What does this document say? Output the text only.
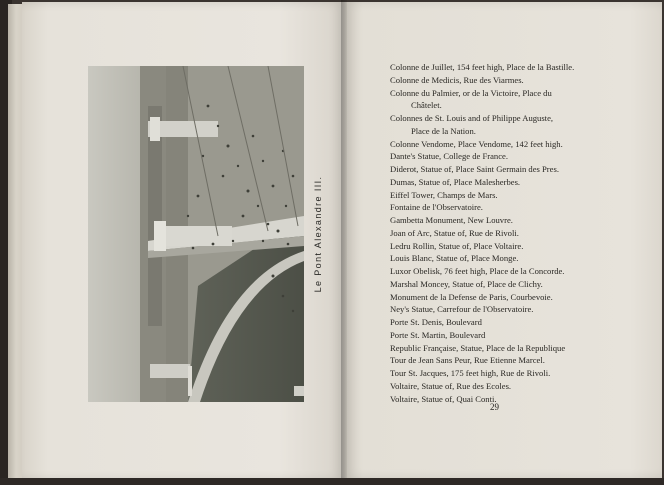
Le Pont Alexandre III.
Colonne de Juillet, 154 feet high, Place de la Bastille.
Colonne de Medicis, Rue des Viarmes.
Colonne du Palmier, or de la Victoire, Place du
Châtelet.
Colonnes de St. Louis and of Philippe Auguste,
Place de la Nation.
Colonne Vendome, Place Vendome, 142 feet high.
Dante's Statue, College de France.
Diderot, Statue of, Place Saint Germain des Pres.
Dumas, Statue of, Place Malesherbes.
Eiffel Tower, Champs de Mars.
Fontaine de l'Observatoire.
Gambetta Monument, New Louvre.
Joan of Arc, Statue of, Rue de Rivoli.
Ledru Rollin, Statue of, Place Voltaire.
Louis Blanc, Statue of, Place Monge.
Luxor Obelisk, 76 feet high, Place de la Concorde.
Marshal Moncey, Statue of, Place de Clichy.
Monument de la Defense de Paris, Courbevoie.
Ney's Statue, Carrefour de l'Observatoire.
Porte St. Denis, Boulevard
Porte St. Martin, Boulevard
Republic Française, Statue, Place de la Republique
Tour de Jean Sans Peur, Rue Etienne Marcel.
Tour St. Jacques, 175 feet high, Rue de Rivoli.
Voltaire, Statue of, Rue des Ecoles.
Voltaire, Statue of, Quai Conti.
29
